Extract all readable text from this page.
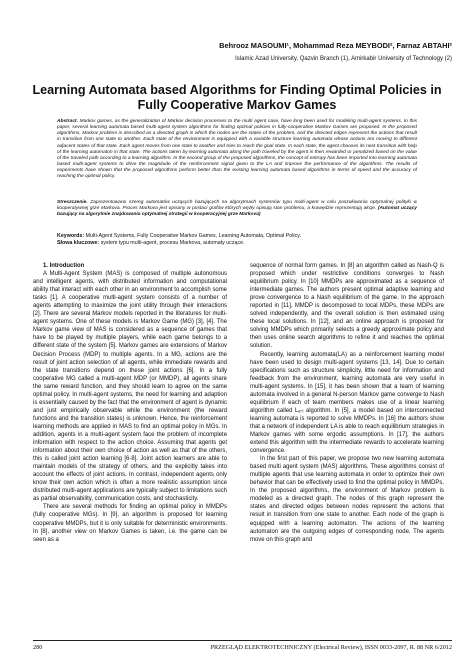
Behrooz MASOUMI¹, Mohammad Reza MEYBODI², Farnaz ABTAHI²
Islamic Azad University, Qazvin Branch (1), Amirkabir University of Technology (2)
Learning Automata based Algorithms for Finding Optimal Policies in Fully Cooperative Markov Games
Abstract. Markov games, as the generalization of Markov decision processes to the multi agent case, have long been used for modeling multi-agent systems. In this paper, several learning automata based multi-agent system algorithms for finding optimal policies in fully-cooperative Markov Games are proposed. In the proposed algorithms, Markov problem is described as a directed graph in which the nodes are the states of the problem, and the directed edges represent the actions that result in transition from one state to another. Each state of the environment is equipped with a variable structure learning automata whose actions are moving to different adjacent states of that state. Each agent moves from one state to another and tries to reach the goal state. In each state, the agent chooses its next transition with help of the learning automaton in that state. The actions taken by learning automata along the path traveled by the agent is then rewarded or penalized based on the value of the traveled path according to a learning algorithm. In the second group of the proposed algorithms, the concept of entropy has been imported into learning automata based multi-agent systems to drive the magnitude of the reinforcement signal given to the LA and improve the performance of the algorithms. The results of experiments have shown that the proposed algorithms perform better than the existing learning automata based algorithms in terms of speed and the accuracy of reaching the optimal policy.
Streszczenie. Zaprezentowano szereg automatów uczących bazujących na algorytmach systemów typu multi-agent w celu poszukiwania optymalnej polityki w kooperatywnej grze Markova. Proces Markova jest opisany w postaci grafów których węzły opisują stan problemu, a krawędzie reprezentują akcje. (Automat uczący bazujący na algorytmie znajdowania optymalnej strategii w kooperacyjnej grze Markova)
Keywords: Multi-Agent Systems, Fully Cooperative Markov Games, Learning Automata, Optimal Policy.
Słowa kluczowe: system typu multi-agent, procesu Markova, automaty uczące.

1. Introduction

A Multi-Agent System (MAS) is composed of multiple autonomous and intelligent agents, with distributed information and computational ability that interact with each other in an environment to accomplish some tasks [1]. A cooperative multi-agent system consists of a number of agents attempting to maximize the joint utility through their interactions [2]. There are several Markov models reported in the literatures for multi-agent systems. One of these models is Markov Game (MG) [3], [4]. The Markov game view of MAS is considered as a sequence of games that have to be played by multiple players, while each game belongs to a different state of the system [5]. Markov games are extensions of Markov Decision Process (MDP) to multiple agents. In a MG, actions are the result of joint action selection of all agents, while immediate rewards and the state transitions depend on these joint actions [6]. In a fully cooperative MG called a multi-agent MDP (or MMDP), all agents share the same reward function, and they should learn to agree on the same optimal policy. In multi-agent systems, the need for learning and adaption is essentially caused by the fact that the environment of agent is dynamic and just empirically observable while the environment (the reward functions and the transition states) is unknown. Hence, the reinforcement learning methods are applied in MAS to find an optimal policy in MGs. In addition, agents in a multi-agent system face the problem of incomplete information with respect to the action choice. Assuming that agents get information about their own choice of action as well as that of the others, this is called joint action learning [6-8]. Joint action learners are able to maintain models of the strategy of others, and the explicitly takes into account the effects of joint actions. In contrast, independent agents only know their own action which is often a more realistic assumption since distributed multi-agent applications are typically subject to limitations such as partial observability, communication costs, and stochasticity.

There are several methods for finding an optimal policy in MMDPs (fully cooperative MGs). In [9], an algorithm is proposed for learning cooperative MMDPs, but it is only suitable for deterministic environments. In [8], another view on Markov Games is taken, i.e. the game can be seen as a

sequence of normal form games. In [8] an algorithm called as Nash-Q is proposed which under restrictive conditions converges to Nash equilibrium policy. In [10] MMDPs are approximated as a sequence of intermediate games. The authors present optimal adaptive learning and prove convergence to a Nash equilibrium of the game. In the approach reported in [11], MMDP is decomposed to local MDPs, these MDPs are solved independently, and the overall solution is then estimated using these local solutions. In [12], and an online approach is proposed for solving MMDPs which primarily selects a greedy approximate policy and then uses online search algorithms to refine it and reaches the optimal solution.

Recently, learning automata(LA) as a reinforcement learning model have been used to design multi-agent systems [13, 14]. Due to certain specifications such as structure simplicity, little need for information and feedback from the environment, learning automata are very useful in multi-agent systems. In [15], it has been shown that a team of learning automata involved in a general N-person Markov game converge to Nash equilibrium if each of team members makes use of a linear learning algorithm called Lₐ-ᵢ algorithm. In [5], a model based on interconnected learning automata is reported to solve MMDPs. In [16] the authors show that a network of independent LA is able to reach equilibrium strategies in Markov games with some ergodic assumptions. In [17], the authors extend this algorithm with the intermediate rewards to accelerate learning convergence.

In the first part of this paper, we propose two new learning automata based multi agent system (MAS) algorithms. These algorithms consist of multiple agents that use learning automata in order to optimize their own behavior that can be effectively used to find the optimal policy in MMDPs. In the proposed algorithms, the environment of Markov problem is modeled as a directed graph. The nodes of this graph represent the states and directed edges between nodes represent the actions that result in transition from one state to another. Each node of the graph is equipped with a learning automaton. The actions of the learning automaton are the outgoing edges of corresponding node. The agents move on this graph and

280	PRZEGLĄD ELEKTROTECHNICZNY (Electrical Review), ISSN 0033-2097, R. 88 NR 6/2012
